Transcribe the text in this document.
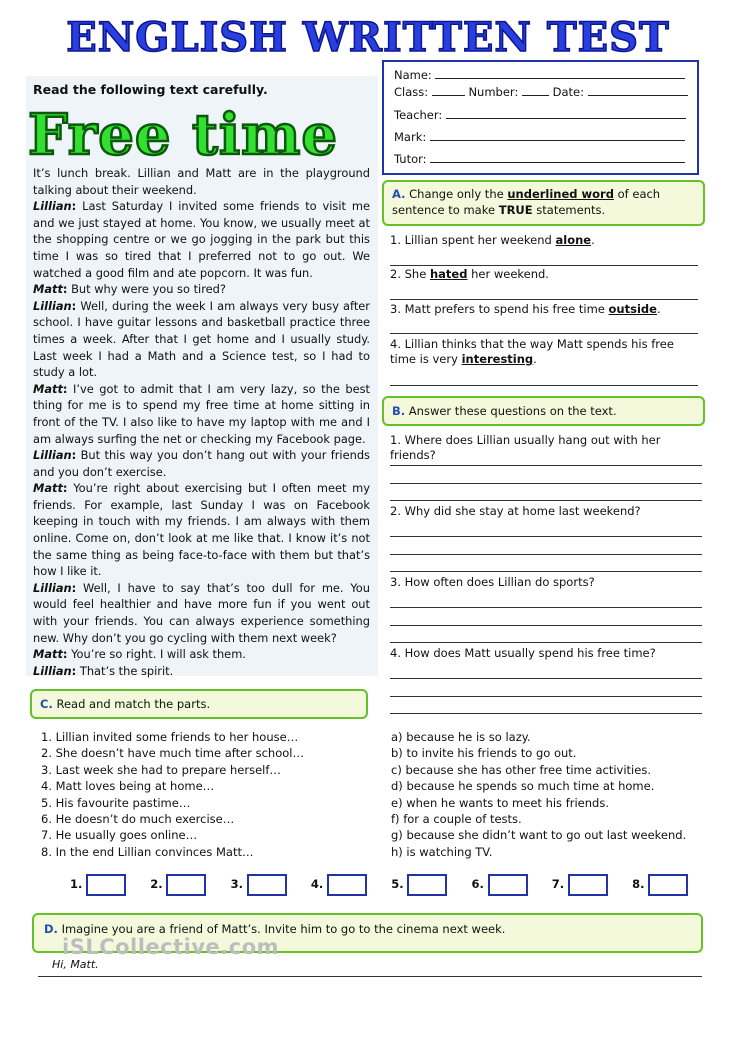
ENGLISH WRITTEN TEST
Read the following text carefully.
Free time

It’s lunch break. Lillian and Matt are in the playground talking about their weekend.

Lillian: Last Saturday I invited some friends to visit me and we just stayed at home. You know, we usually meet at the shopping centre or we go jogging in the park but this time I was so tired that I preferred not to go out. We watched a good film and ate popcorn. It was fun.

Matt: But why were you so tired?

Lillian: Well, during the week I am always very busy after school. I have guitar lessons and basketball practice three times a week. After that I get home and I usually study. Last week I had a Math and a Science test, so I had to study a lot.

Matt: I’ve got to admit that I am very lazy, so the best thing for me is to spend my free time at home sitting in front of the TV. I also like to have my laptop with me and I am always surfing the net or checking my Facebook page.

Lillian: But this way you don’t hang out with your friends and you don’t exercise.

Matt: You’re right about exercising but I often meet my friends. For example, last Sunday I was on Facebook keeping in touch with my friends. I am always with them online. Come on, don’t look at me like that. I know it’s not the same thing as being face-to-face with them but that’s how I like it.

Lillian: Well, I have to say that’s too dull for me. You would feel healthier and have more fun if you went out with your friends. You can always experience something new. Why don’t you go cycling with them next week?

Matt: You’re so right. I will ask them.

Lillian: That’s the spirit.

Name:
Class:	Number:	Date:
Teacher:
Mark:
Tutor:
A. Change only the underlined word of each sentence to make TRUE statements.
1. Lillian spent her weekend alone.
2. She hated her weekend.
3. Matt prefers to spend his free time outside.
4. Lillian thinks that the way Matt spends his free time is very interesting.
B. Answer these questions on the text.
1. Where does Lillian usually hang out with her friends?
2. Why did she stay at home last weekend?
3. How often does Lillian do sports?
4. How does Matt usually spend his free time?
C. Read and match the parts.
1. Lillian invited some friends to her house…
2. She doesn’t have much time after school…
3. Last week she had to prepare herself…
4. Matt loves being at home…
5. His favourite pastime…
6. He doesn’t do much exercise…
7. He usually goes online…
8. In the end Lillian convinces Matt…
a) because he is so lazy.
b) to invite his friends to go out.
c) because she has other free time activities.
d) because he spends so much time at home.
e) when he wants to meet his friends.
f) for a couple of tests.
g) because she didn’t want to go out last weekend.
h) is watching TV.
1.	2.	3.	4.	5.	6.	7.	8.
D. Imagine you are a friend of Matt’s. Invite him to go to the cinema next week.
iSLCollective.com
Hi, Matt.
